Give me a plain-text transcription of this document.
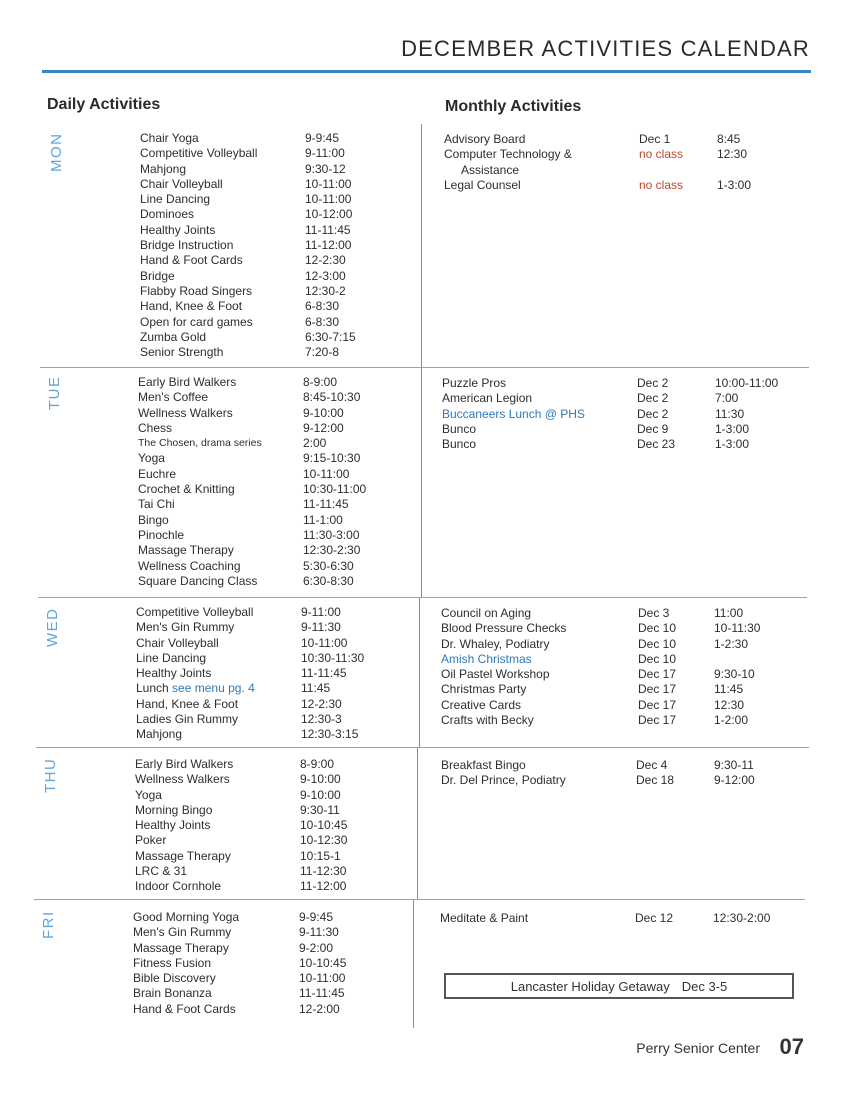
DECEMBER ACTIVITIES CALENDAR
Daily Activities	Monthly Activities
MON
TUE
WED
THU
FRI
Chair Yoga	9-9:45
Competitive Volleyball	9-11:00
Mahjong	9:30-12
Chair Volleyball	10-11:00
Line Dancing	10-11:00
Dominoes	10-12:00
Healthy Joints	11-11:45
Bridge Instruction	11-12:00
Hand & Foot Cards	12-2:30
Bridge	12-3:00
Flabby Road Singers	12:30-2
Hand, Knee & Foot	6-8:30
Open for card games	6-8:30
Zumba Gold	6:30-7:15
Senior Strength	7:20-8
Early Bird Walkers	8-9:00
Men's Coffee	8:45-10:30
Wellness Walkers	9-10:00
Chess	9-12:00
The Chosen, drama series	2:00
Yoga	9:15-10:30
Euchre	10-11:00
Crochet & Knitting	10:30-11:00
Tai Chi	11-11:45
Bingo	11-1:00
Pinochle	11:30-3:00
Massage Therapy	12:30-2:30
Wellness Coaching	5:30-6:30
Square Dancing Class	6:30-8:30
Competitive Volleyball	9-11:00
Men's Gin Rummy	9-11:30
Chair Volleyball	10-11:00
Line Dancing	10:30-11:30
Healthy Joints	11-11:45
Lunch see menu pg. 4	11:45
Hand, Knee & Foot	12-2:30
Ladies Gin Rummy	12:30-3
Mahjong	12:30-3:15
Early Bird Walkers	8-9:00
Wellness Walkers	9-10:00
Yoga	9-10:00
Morning Bingo	9:30-11
Healthy Joints	10-10:45
Poker	10-12:30
Massage Therapy	10:15-1
LRC & 31	11-12:30
Indoor Cornhole	11-12:00
Good Morning Yoga	9-9:45
Men's Gin Rummy	9-11:30
Massage Therapy	9-2:00
Fitness Fusion	10-10:45
Bible Discovery	10-11:00
Brain Bonanza	11-11:45
Hand & Foot Cards	12-2:00
Advisory Board	Dec 1	8:45
Computer Technology &	no class	12:30
Assistance
Legal Counsel	no class	1-3:00
Puzzle Pros	Dec 2	10:00-11:00
American Legion	Dec 2	7:00
Buccaneers Lunch @ PHS	Dec 2	11:30
Bunco	Dec 9	1-3:00
Bunco	Dec 23	1-3:00
Council on Aging	Dec 3	11:00
Blood Pressure Checks	Dec 10	10-11:30
Dr. Whaley, Podiatry	Dec 10	1-2:30
Amish Christmas	Dec 10
Oil Pastel Workshop	Dec 17	9:30-10
Christmas Party	Dec 17	11:45
Creative Cards	Dec 17	12:30
Crafts with Becky	Dec 17	1-2:00
Breakfast Bingo	Dec 4	9:30-11
Dr. Del Prince, Podiatry	Dec 18	9-12:00
Meditate & Paint	Dec 12	12:30-2:00
Lancaster Holiday Getaway Dec 3-5
Perry Senior Center 07
